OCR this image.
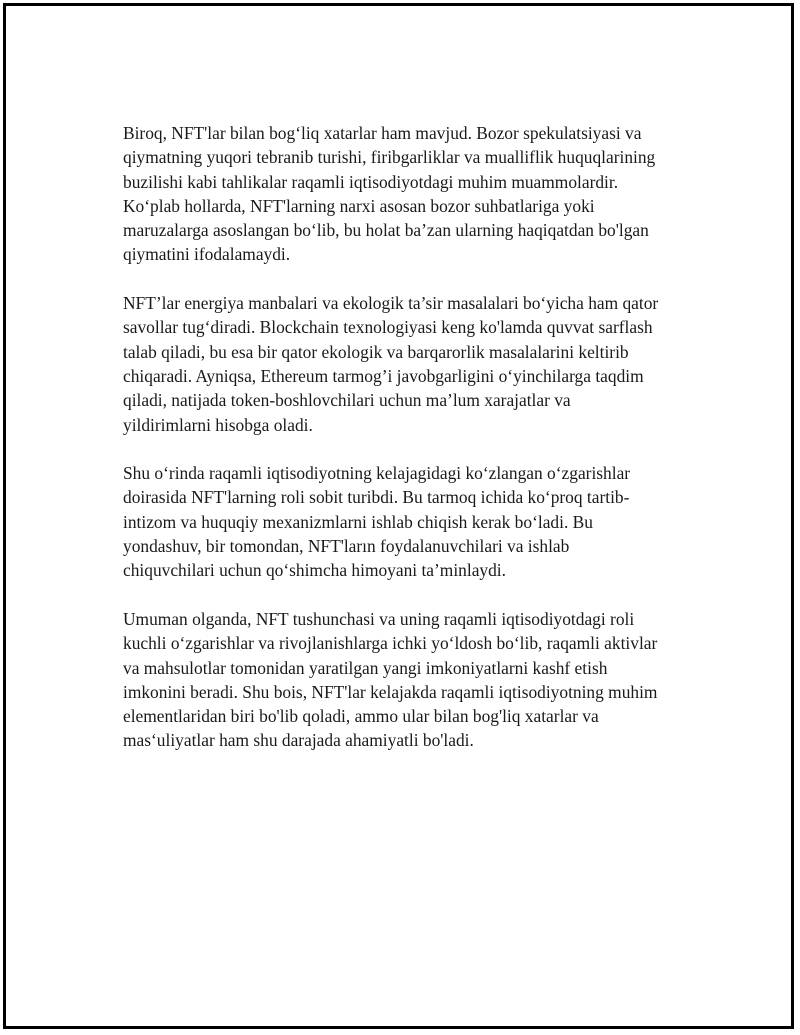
Biroq, NFT'lar bilan bog‘liq xatarlar ham mavjud. Bozor spekulatsiyasi va
qiymatning yuqori tebranib turishi, firibgarliklar va mualliflik huquqlarining
buzilishi kabi tahlikalar raqamli iqtisodiyotdagi muhim muammolardir.
Ko‘plab hollarda, NFT'larning narxi asosan bozor suhbatlariga yoki
maruzalarga asoslangan bo‘lib, bu holat ba’zan ularning haqiqatdan bo'lgan
qiymatini ifodalamaydi.

NFT’lar energiya manbalari va ekologik ta’sir masalalari bo‘yicha ham qator
savollar tug‘diradi. Blockchain texnologiyasi keng ko'lamda quvvat sarflash
talab qiladi, bu esa bir qator ekologik va barqarorlik masalalarini keltirib
chiqaradi. Ayniqsa, Ethereum tarmog’i javobgarligini o‘yinchilarga taqdim
qiladi, natijada token-boshlovchilari uchun ma’lum xarajatlar va
yildirimlarni hisobga oladi.

Shu o‘rinda raqamli iqtisodiyotning kelajagidagi ko‘zlangan o‘zgarishlar
doirasida NFT'larning roli sobit turibdi. Bu tarmoq ichida ko‘proq tartib-
intizom va huquqiy mexanizmlarni ishlab chiqish kerak bo‘ladi. Bu
yondashuv, bir tomondan, NFT'ların foydalanuvchilari va ishlab
chiquvchilari uchun qo‘shimcha himoyani ta’minlaydi.

Umuman olganda, NFT tushunchasi va uning raqamli iqtisodiyotdagi roli
kuchli o‘zgarishlar va rivojlanishlarga ichki yo‘ldosh bo‘lib, raqamli aktivlar
va mahsulotlar tomonidan yaratilgan yangi imkoniyatlarni kashf etish
imkonini beradi. Shu bois, NFT'lar kelajakda raqamli iqtisodiyotning muhim
elementlaridan biri bo'lib qoladi, ammo ular bilan bog'liq xatarlar va
mas‘uliyatlar ham shu darajada ahamiyatli bo'ladi.
